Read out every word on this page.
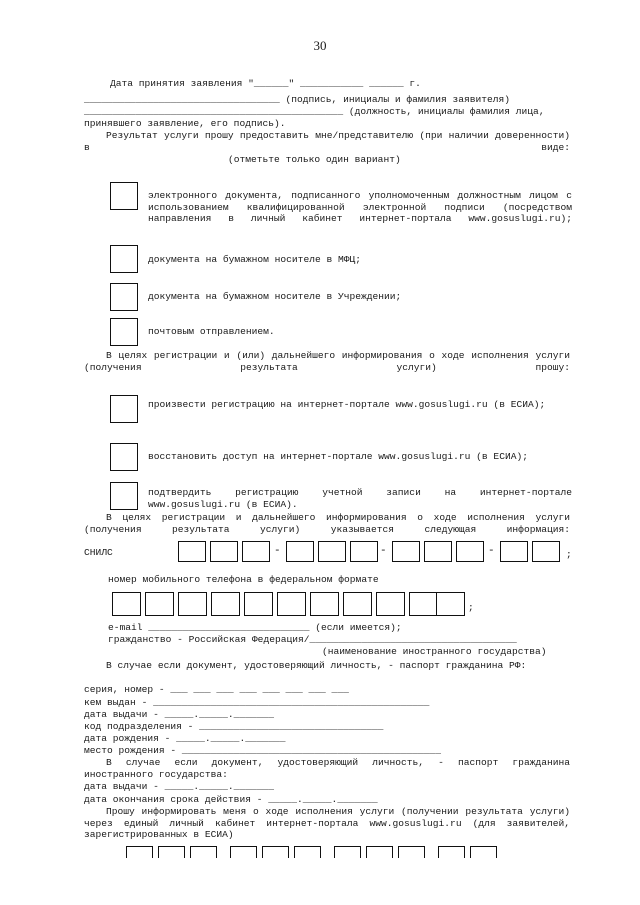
30
Дата принятия заявления "______" ___________ ______ г.
__________________________________ (подпись, инициалы и фамилия заявителя)
_____________________________________________ (должность, инициалы фамилия лица,
принявшего заявление, его подпись).
Результат услуги прошу предоставить мне/представителю (при наличии доверенности) в виде:
(отметьте только один вариант)
электронного документа, подписанного уполномоченным должностным лицом с использованием квалифицированной электронной подписи (посредством направления в личный кабинет интернет-портала www.gosuslugi.ru);
документа на бумажном носителе в МФЦ;
документа на бумажном носителе в Учреждении;
почтовым отправлением.
В целях регистрации и (или) дальнейшего информирования о ходе исполнения услуги (получения результата услуги) прошу:
произвести регистрацию на интернет-портале www.gosuslugi.ru (в ЕСИА);
восстановить доступ на интернет-портале www.gosuslugi.ru (в ЕСИА);
подтвердить регистрацию учетной записи на интернет-портале www.gosuslugi.ru (в ЕСИА).
В целях регистрации и дальнейшего информирования о ходе исполнения услуги (получения результата услуги) указывается следующая информация:
СНИЛС	-	-	-	;
номер мобильного телефона в федеральном формате
;
e-mail ____________________________ (если имеется);
гражданство - Российская Федерация/____________________________________
(наименование иностранного государства)
В случае если документ, удостоверяющий личность, - паспорт гражданина РФ:
серия, номер - ___ ___ ___ ___ ___ ___ ___ ___
кем выдан - ________________________________________________
дата выдачи - _____._____._______
код подразделения - ________________________________
дата рождения - _____._____._______
место рождения - _____________________________________________
В случае если документ, удостоверяющий личность, - паспорт гражданина иностранного государства:
дата выдачи - _____._____._______
дата окончания срока действия - _____._____._______
Прошу информировать меня о ходе исполнения услуги (получении результата услуги) через единый личный кабинет интернет-портала www.gosuslugi.ru (для заявителей, зарегистрированных в ЕСИА)
